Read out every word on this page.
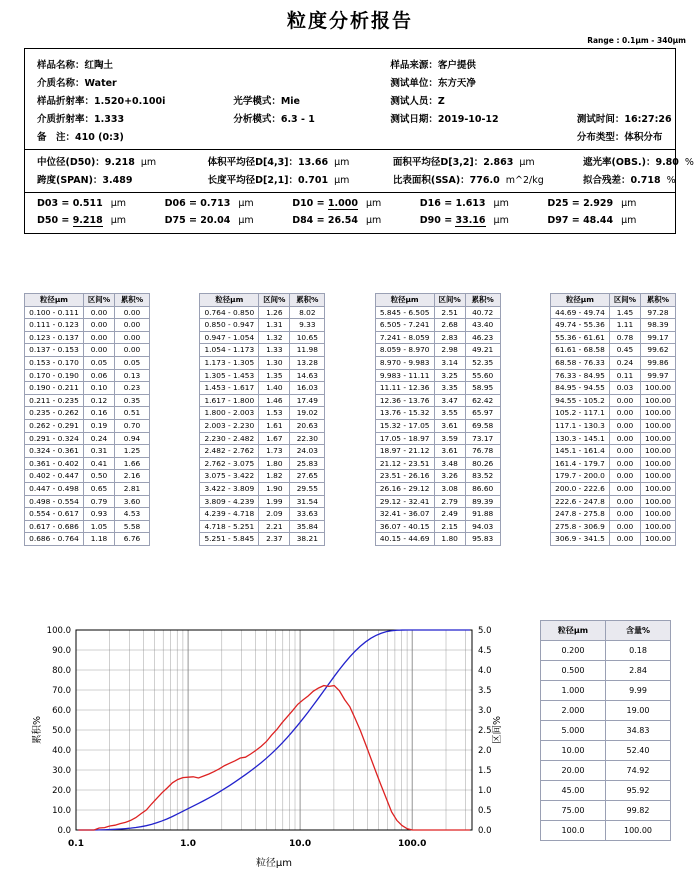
粒度分析报告
Range : 0.1μm - 340μm
样品名称：红陶土	样品来源：客户提供
介质名称：Water	测试单位：东方天净
样品折射率：1.520+0.100i	光学模式：Mie	测试人员：Z
介质折射率：1.333	分析模式：6.3 - 1	测试日期：2019-10-12	测试时间：16:27:26
备　注：410 (0:3)	分布类型：体积分布
中位径(D50)：9.218 μm	体积平均径D[4,3]：13.66 μm	面积平均径D[3,2]：2.863 μm	遮光率(OBS.)：9.80 %
跨度(SPAN)：3.489	长度平均径D[2,1]：0.701 μm	比表面积(SSA)：776.0 m^2/kg	拟合残差：0.718 %
D03 = 0.511 μm	D06 = 0.713 μm	D10 = 1.000 μm	D16 = 1.613 μm	D25 = 2.929 μm
D50 = 9.218 μm	D75 = 20.04 μm	D84 = 26.54 μm	D90 = 33.16 μm	D97 = 48.44 μm
粒径μm	区间%	累积%
0.100 - 0.111	0.00	0.00
0.111 - 0.123	0.00	0.00
0.123 - 0.137	0.00	0.00
0.137 - 0.153	0.00	0.00
0.153 - 0.170	0.05	0.05
0.170 - 0.190	0.06	0.13
0.190 - 0.211	0.10	0.23
0.211 - 0.235	0.12	0.35
0.235 - 0.262	0.16	0.51
0.262 - 0.291	0.19	0.70
0.291 - 0.324	0.24	0.94
0.324 - 0.361	0.31	1.25
0.361 - 0.402	0.41	1.66
0.402 - 0.447	0.50	2.16
0.447 - 0.498	0.65	2.81
0.498 - 0.554	0.79	3.60
0.554 - 0.617	0.93	4.53
0.617 - 0.686	1.05	5.58
0.686 - 0.764	1.18	6.76
粒径μm	区间%	累积%
0.764 - 0.850	1.26	8.02
0.850 - 0.947	1.31	9.33
0.947 - 1.054	1.32	10.65
1.054 - 1.173	1.33	11.98
1.173 - 1.305	1.30	13.28
1.305 - 1.453	1.35	14.63
1.453 - 1.617	1.40	16.03
1.617 - 1.800	1.46	17.49
1.800 - 2.003	1.53	19.02
2.003 - 2.230	1.61	20.63
2.230 - 2.482	1.67	22.30
2.482 - 2.762	1.73	24.03
2.762 - 3.075	1.80	25.83
3.075 - 3.422	1.82	27.65
3.422 - 3.809	1.90	29.55
3.809 - 4.239	1.99	31.54
4.239 - 4.718	2.09	33.63
4.718 - 5.251	2.21	35.84
5.251 - 5.845	2.37	38.21
粒径μm	区间%	累积%
5.845 - 6.505	2.51	40.72
6.505 - 7.241	2.68	43.40
7.241 - 8.059	2.83	46.23
8.059 - 8.970	2.98	49.21
8.970 - 9.983	3.14	52.35
9.983 - 11.11	3.25	55.60
11.11 - 12.36	3.35	58.95
12.36 - 13.76	3.47	62.42
13.76 - 15.32	3.55	65.97
15.32 - 17.05	3.61	69.58
17.05 - 18.97	3.59	73.17
18.97 - 21.12	3.61	76.78
21.12 - 23.51	3.48	80.26
23.51 - 26.16	3.26	83.52
26.16 - 29.12	3.08	86.60
29.12 - 32.41	2.79	89.39
32.41 - 36.07	2.49	91.88
36.07 - 40.15	2.15	94.03
40.15 - 44.69	1.80	95.83
粒径μm	区间%	累积%
44.69 - 49.74	1.45	97.28
49.74 - 55.36	1.11	98.39
55.36 - 61.61	0.78	99.17
61.61 - 68.58	0.45	99.62
68.58 - 76.33	0.24	99.86
76.33 - 84.95	0.11	99.97
84.95 - 94.55	0.03	100.00
94.55 - 105.2	0.00	100.00
105.2 - 117.1	0.00	100.00
117.1 - 130.3	0.00	100.00
130.3 - 145.1	0.00	100.00
145.1 - 161.4	0.00	100.00
161.4 - 179.7	0.00	100.00
179.7 - 200.0	0.00	100.00
200.0 - 222.6	0.00	100.00
222.6 - 247.8	0.00	100.00
247.8 - 275.8	0.00	100.00
275.8 - 306.9	0.00	100.00
306.9 - 341.5	0.00	100.00
0.0
10.0
20.0
30.0
40.0
50.0
60.0
70.0
80.0
90.0
100.0
0.0
0.5
1.0
1.5
2.0
2.5
3.0
3.5
4.0
4.5
5.0
0.1	1.0	10.0	100.0
累积%	区间%
粒径μm
粒径μm	含量%
0.200	0.18
0.500	2.84
1.000	9.99
2.000	19.00
5.000	34.83
10.00	52.40
20.00	74.92
45.00	95.92
75.00	99.82
100.0	100.00
